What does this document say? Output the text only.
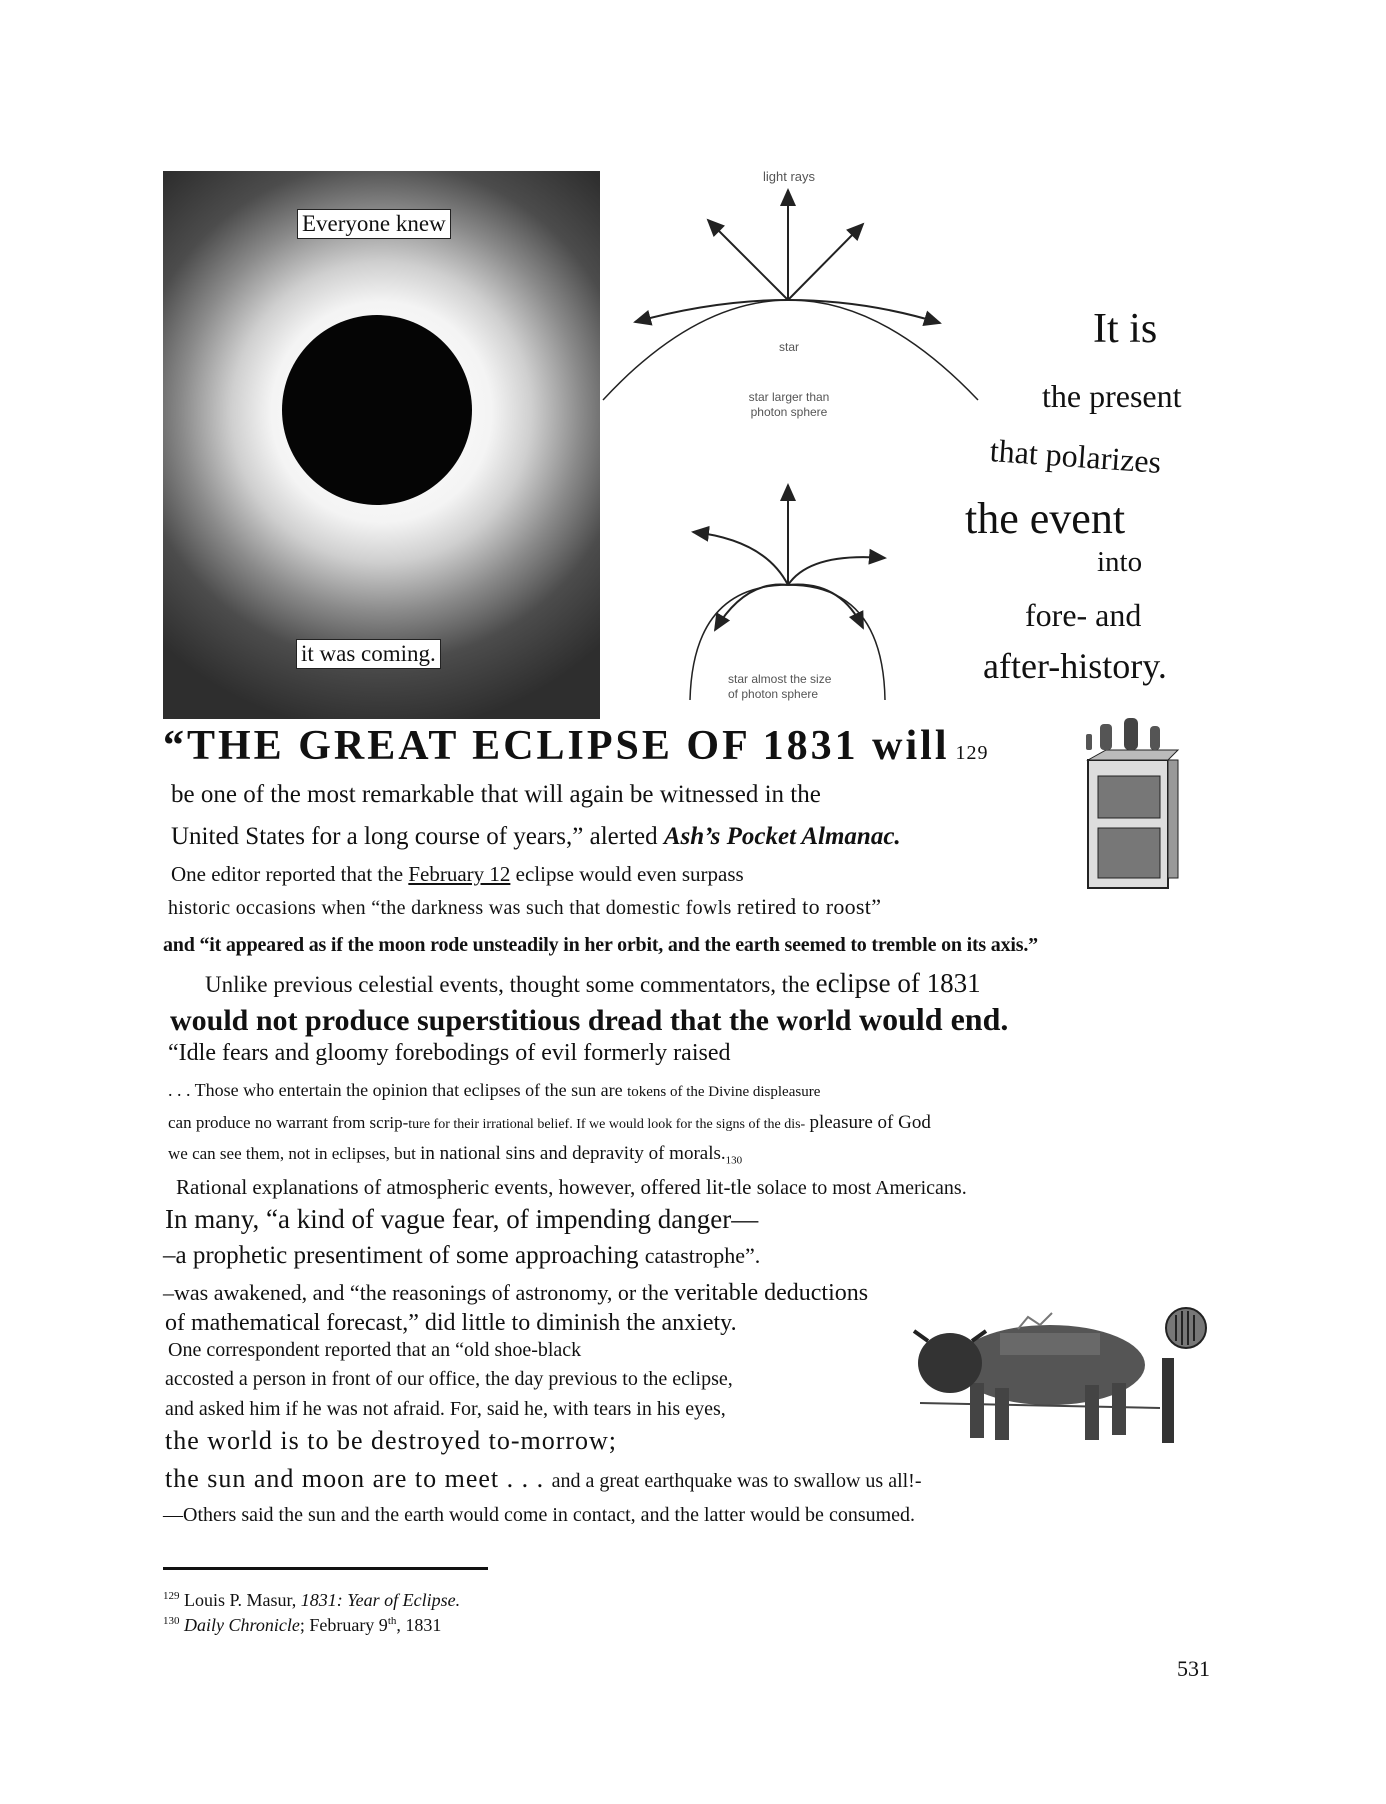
Everyone knew
it was coming.
light rays
star
star larger than
photon sphere
star almost the size
of photon sphere
It is
the present
that polarizes
the event
into
fore- and
after-history.
“THE GREAT ECLIPSE OF 1831 will 129
be one of the most remarkable that will again be witnessed in the
United States for a long course of years,” alerted Ash’s Pocket Almanac.
One editor reported that the February 12 eclipse would even surpass
historic occasions when “the darkness was such that domestic fowls retired to roost”
and “it appeared as if the moon rode unsteadily in her orbit, and the earth seemed to tremble on its axis.”
Unlike previous celestial events, thought some commentators, the eclipse of 1831
would not produce superstitious dread that the world would end.
“Idle fears and gloomy forebodings of evil formerly raised
. . . Those who entertain the opinion that eclipses of the sun are tokens of the Divine displeasure
can produce no warrant from scrip‐ture for their irrational belief. If we would look for the signs of the dis‐ pleasure of God
we can see them, not in eclipses, but in national sins and depravity of $morals._{130}$
Rational explanations of atmospheric events, however, offered lit‐tle solace to most Americans.
In many, “a kind of vague fear, of impending danger—
–a prophetic presentiment of some approaching catastrophe”.
–was awakened, and “the reasonings of astronomy, or the veritable deductions
of mathematical forecast,” did little to diminish the anxiety.
One correspondent reported that an “old shoe-black
accosted a person in front of our office, the day previous to the eclipse,
and asked him if he was not afraid. For, said he, with tears in his eyes,
the world is to be destroyed to-morrow;
the sun and moon are to meet . . . and a great earthquake was to swallow us all!-
—Others said the sun and the earth would come in contact, and the latter would be consumed.
$^{129}$ Louis P. Masur, 1831: Year of Eclipse.
$^{130}$ Daily Chronicle; February 9th, 1831
531
